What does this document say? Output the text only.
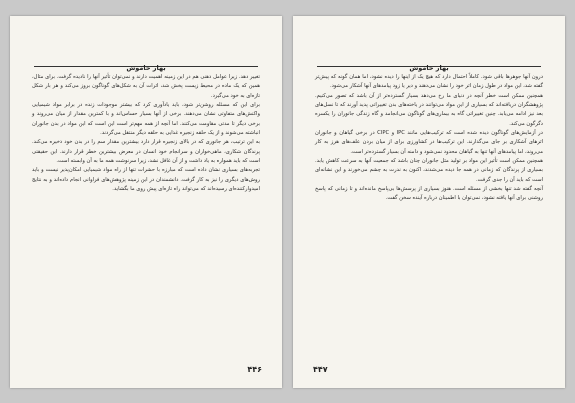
بهار خاموش

تغییر دهد. زیرا عوامل ذهنی هم در این زمینه اهمیت دارند و نمی‌توان تأثیر آنها را نادیده گرفت. برای مثال، همین که یک ماده در محیط زیست پخش شد، اثرات آن به شکل‌های گوناگون بروز می‌کند و هر بار شکل تازه‌ای به خود می‌گیرد.

برای این که مسئله روشن‌تر شود، باید یادآوری کرد که بیشتر موجودات زنده در برابر مواد شیمیایی واکنش‌های متفاوتی نشان می‌دهند. برخی از آنها بسیار حساس‌اند و با کمترین مقدار از میان می‌روند و برخی دیگر تا مدتی مقاومت می‌کنند. اما آنچه از همه مهم‌تر است این است که این مواد در بدن جانوران انباشته می‌شوند و از یک حلقه زنجیره غذایی به حلقه دیگر منتقل می‌گردند.

به این ترتیب، هر جانوری که در بالای زنجیره قرار دارد بیشترین مقدار سم را در بدن خود ذخیره می‌کند. پرندگان شکاری، ماهی‌خواران و سرانجام خود انسان در معرض بیشترین خطر قرار دارند. این حقیقتی است که باید همواره به یاد داشت و از آن غافل نشد، زیرا سرنوشت همه ما به آن وابسته است.

تجربه‌های بسیاری نشان داده است که مبارزه با حشرات تنها از راه مواد شیمیایی امکان‌پذیر نیست و باید روش‌های دیگری را نیز به کار گرفت. دانشمندان در این زمینه پژوهش‌های فراوانی انجام داده‌اند و به نتایج امیدوارکننده‌ای رسیده‌اند که می‌تواند راه تازه‌ای پیش روی ما بگشاید.

۴۴۶
بهار خاموش

درون آنها جوهرها باقی شود. کاملاً احتمال دارد که هیچ یک از اینها را دیده نشود، اما همان گونه که پیش‌تر گفته شد، این مواد در طول زمان اثر خود را نشان می‌دهند و دیر یا زود پیامدهای آنها آشکار می‌شود.

همچنین ممکن است خطر آنچه در دنیای ما رخ می‌دهد بسیار گسترده‌تر از آن باشد که تصور می‌کنیم. پژوهشگران دریافته‌اند که بسیاری از این مواد می‌توانند در یاخته‌های بدن تغییراتی پدید آورند که تا نسل‌های بعد نیز ادامه می‌یابد. چنین تغییراتی گاه به بیماری‌های گوناگون می‌انجامد و گاه زندگی جانوران را یکسره دگرگون می‌کند.

در آزمایش‌های گوناگون دیده شده است که ترکیب‌هایی مانند IPC و CIPC در برخی گیاهان و جانوران اثرهای آشکاری بر جای می‌گذارند. این ترکیب‌ها در کشاورزی برای از میان بردن علف‌های هرز به کار می‌روند، اما پیامدهای آنها تنها به گیاهان محدود نمی‌شود و دامنه آن بسیار گسترده‌تر است.

همچنین ممکن است تأثیر این مواد بر تولید مثل جانوران چنان باشد که جمعیت آنها به سرعت کاهش یابد. بسیاری از پرندگان که زمانی در همه جا دیده می‌شدند، اکنون به ندرت به چشم می‌خورند و این نشانه‌ای است که باید آن را جدی گرفت.

آنچه گفته شد تنها بخشی از مسئله است. هنوز بسیاری از پرسش‌ها بی‌پاسخ مانده‌اند و تا زمانی که پاسخ روشنی برای آنها یافته نشود، نمی‌توان با اطمینان درباره آینده سخن گفت.

۴۴۷
